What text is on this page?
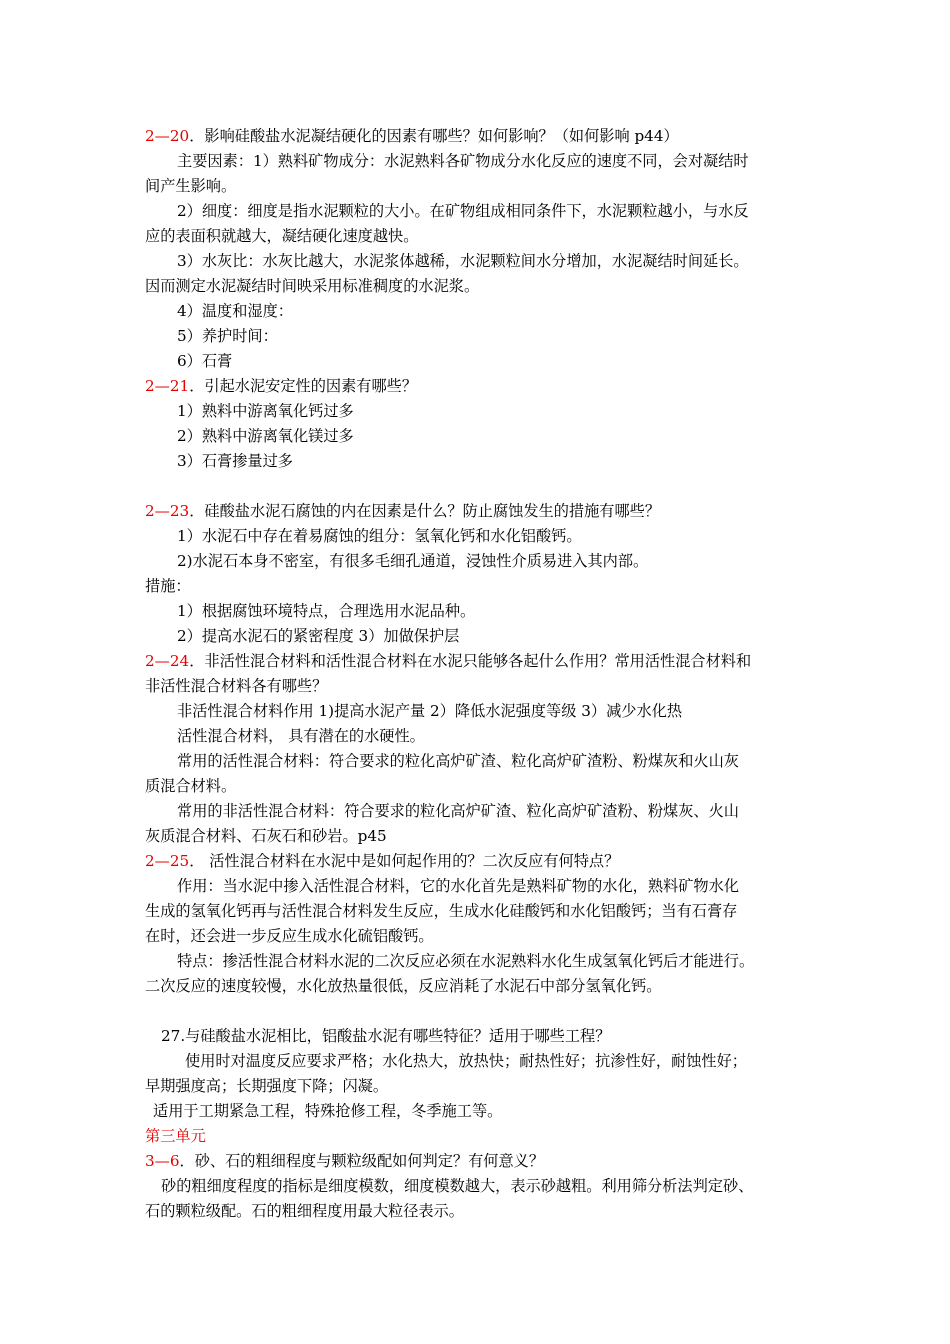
2—20．影响硅酸盐水泥凝结硬化的因素有哪些？如何影响？（如何影响 p44）

主要因素：1）熟料矿物成分：水泥熟料各矿物成分水化反应的速度不同，会对凝结时

间产生影响。

2）细度：细度是指水泥颗粒的大小。在矿物组成相同条件下，水泥颗粒越小，与水反

应的表面积就越大，凝结硬化速度越快。

3）水灰比：水灰比越大，水泥浆体越稀，水泥颗粒间水分增加，水泥凝结时间延长。

因而测定水泥凝结时间映采用标准稠度的水泥浆。

4）温度和湿度：

5）养护时间：

6）石膏

2—21．引起水泥安定性的因素有哪些？

1）熟料中游离氧化钙过多

2）熟料中游离氧化镁过多

3）石膏掺量过多

2—23．硅酸盐水泥石腐蚀的内在因素是什么？防止腐蚀发生的措施有哪些？

1）水泥石中存在着易腐蚀的组分：氢氧化钙和水化铝酸钙。

2)水泥石本身不密室，有很多毛细孔通道，浸蚀性介质易进入其内部。

措施：

1）根据腐蚀环境特点，合理选用水泥品种。

2）提高水泥石的紧密程度 3）加做保护层

2—24．非活性混合材料和活性混合材料在水泥只能够各起什么作用？常用活性混合材料和

非活性混合材料各有哪些？

非活性混合材料作用 1)提高水泥产量 2）降低水泥强度等级 3）减少水化热

活性混合材料， 具有潜在的水硬性。

常用的活性混合材料：符合要求的粒化高炉矿渣、粒化高炉矿渣粉、粉煤灰和火山灰

质混合材料。

常用的非活性混合材料：符合要求的粒化高炉矿渣、粒化高炉矿渣粉、粉煤灰、火山

灰质混合材料、石灰石和砂岩。p45

2—25． 活性混合材料在水泥中是如何起作用的？二次反应有何特点？

作用：当水泥中掺入活性混合材料，它的水化首先是熟料矿物的水化，熟料矿物水化

生成的氢氧化钙再与活性混合材料发生反应，生成水化硅酸钙和水化铝酸钙；当有石膏存

在时，还会进一步反应生成水化硫铝酸钙。

特点：掺活性混合材料水泥的二次反应必须在水泥熟料水化生成氢氧化钙后才能进行。

二次反应的速度较慢，水化放热量很低，反应消耗了水泥石中部分氢氧化钙。

27.与硅酸盐水泥相比，铝酸盐水泥有哪些特征？适用于哪些工程？

使用时对温度反应要求严格；水化热大，放热快；耐热性好；抗渗性好，耐蚀性好；

早期强度高；长期强度下降；闪凝。

适用于工期紧急工程，特殊抢修工程，冬季施工等。

第三单元

3—6．砂、石的粗细程度与颗粒级配如何判定？有何意义？

砂的粗细度程度的指标是细度模数，细度模数越大，表示砂越粗。利用筛分析法判定砂、

石的颗粒级配。石的粗细程度用最大粒径表示。
